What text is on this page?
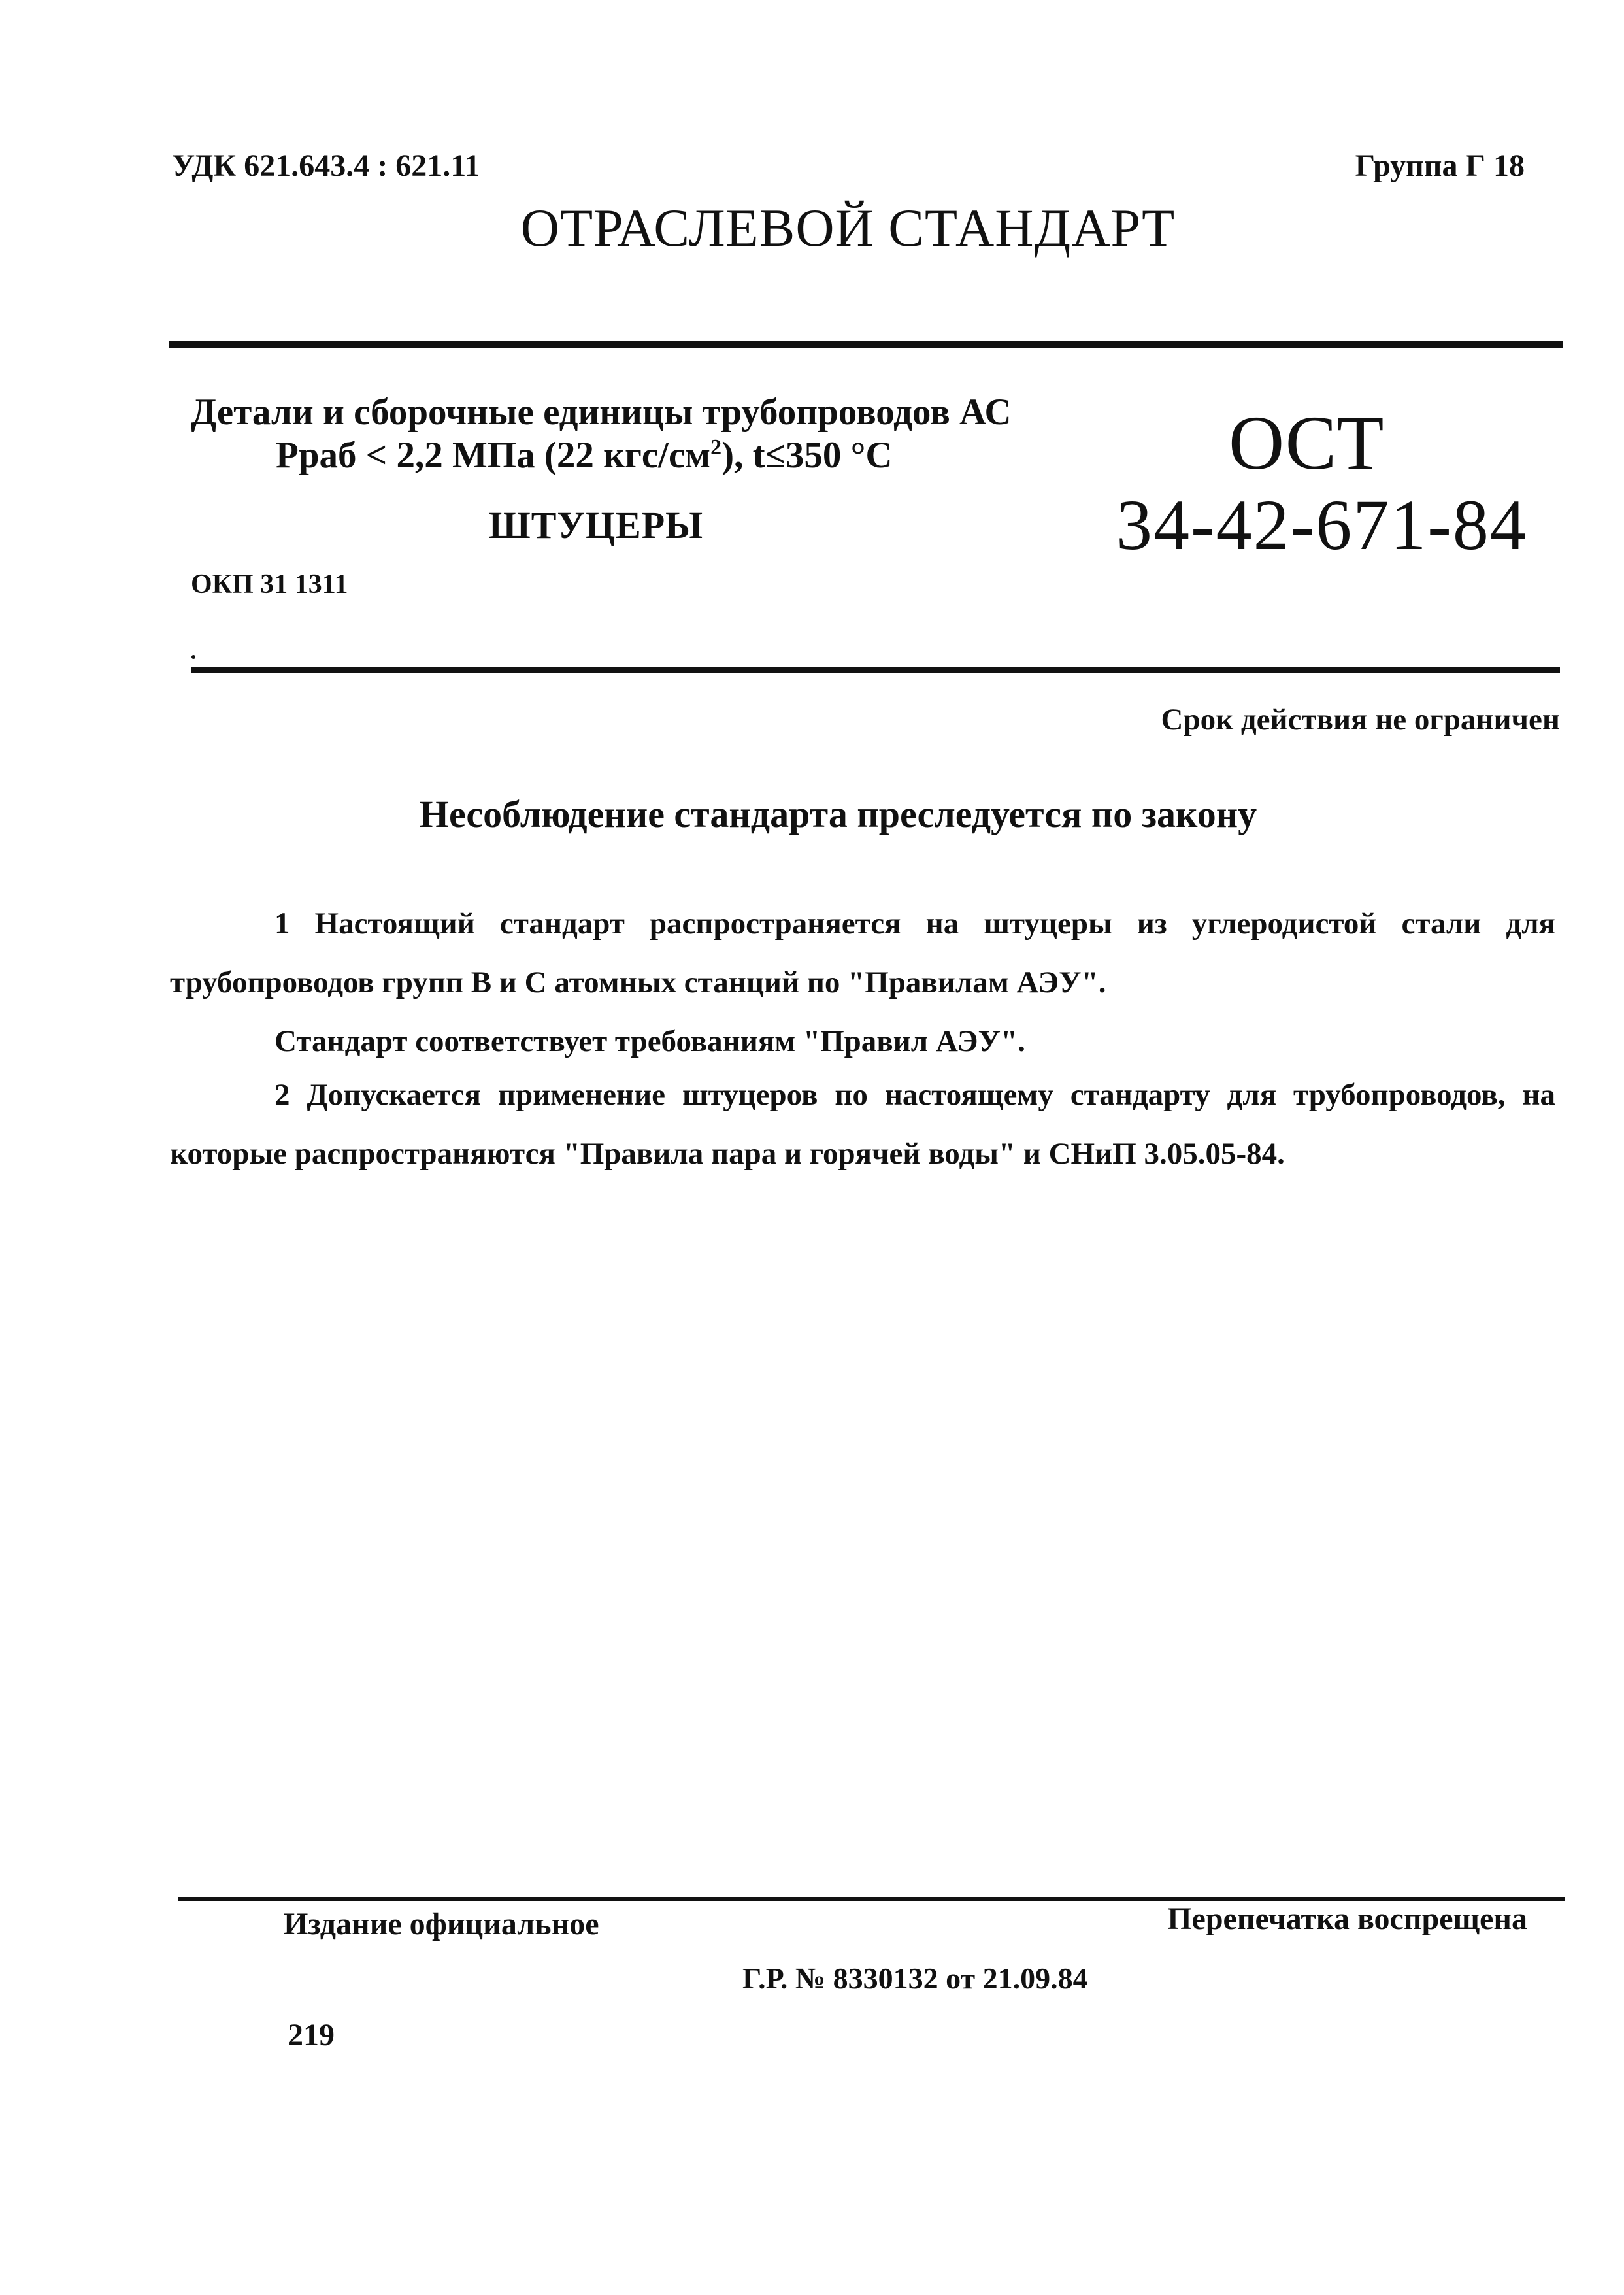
УДК 621.643.4 : 621.11	Группа Г 18
ОТРАСЛЕВОЙ СТАНДАРТ
Детали и сборочные единицы трубопроводов АС
Рраб < 2,2 МПа (22 кгс/$см^2$), t≤350 °С
ШТУЦЕРЫ
ОКП 31 1311
ОСТ
34-42-671-84
Срок действия не ограничен
Несоблюдение стандарта преследуется по закону
1 Настоящий стандарт распространяется на штуцеры из углеродистой стали для трубопроводов групп В и С атомных станций по "Правилам АЭУ".
Стандарт соответствует требованиям "Правил АЭУ".
2 Допускается применение штуцеров по настоящему стандарту для трубопроводов, на которые распространяются "Правила пара и горячей воды" и СНиП 3.05.05-84.
Издание официальное	Перепечатка воспрещена
Г.Р. № 8330132 от 21.09.84
219
